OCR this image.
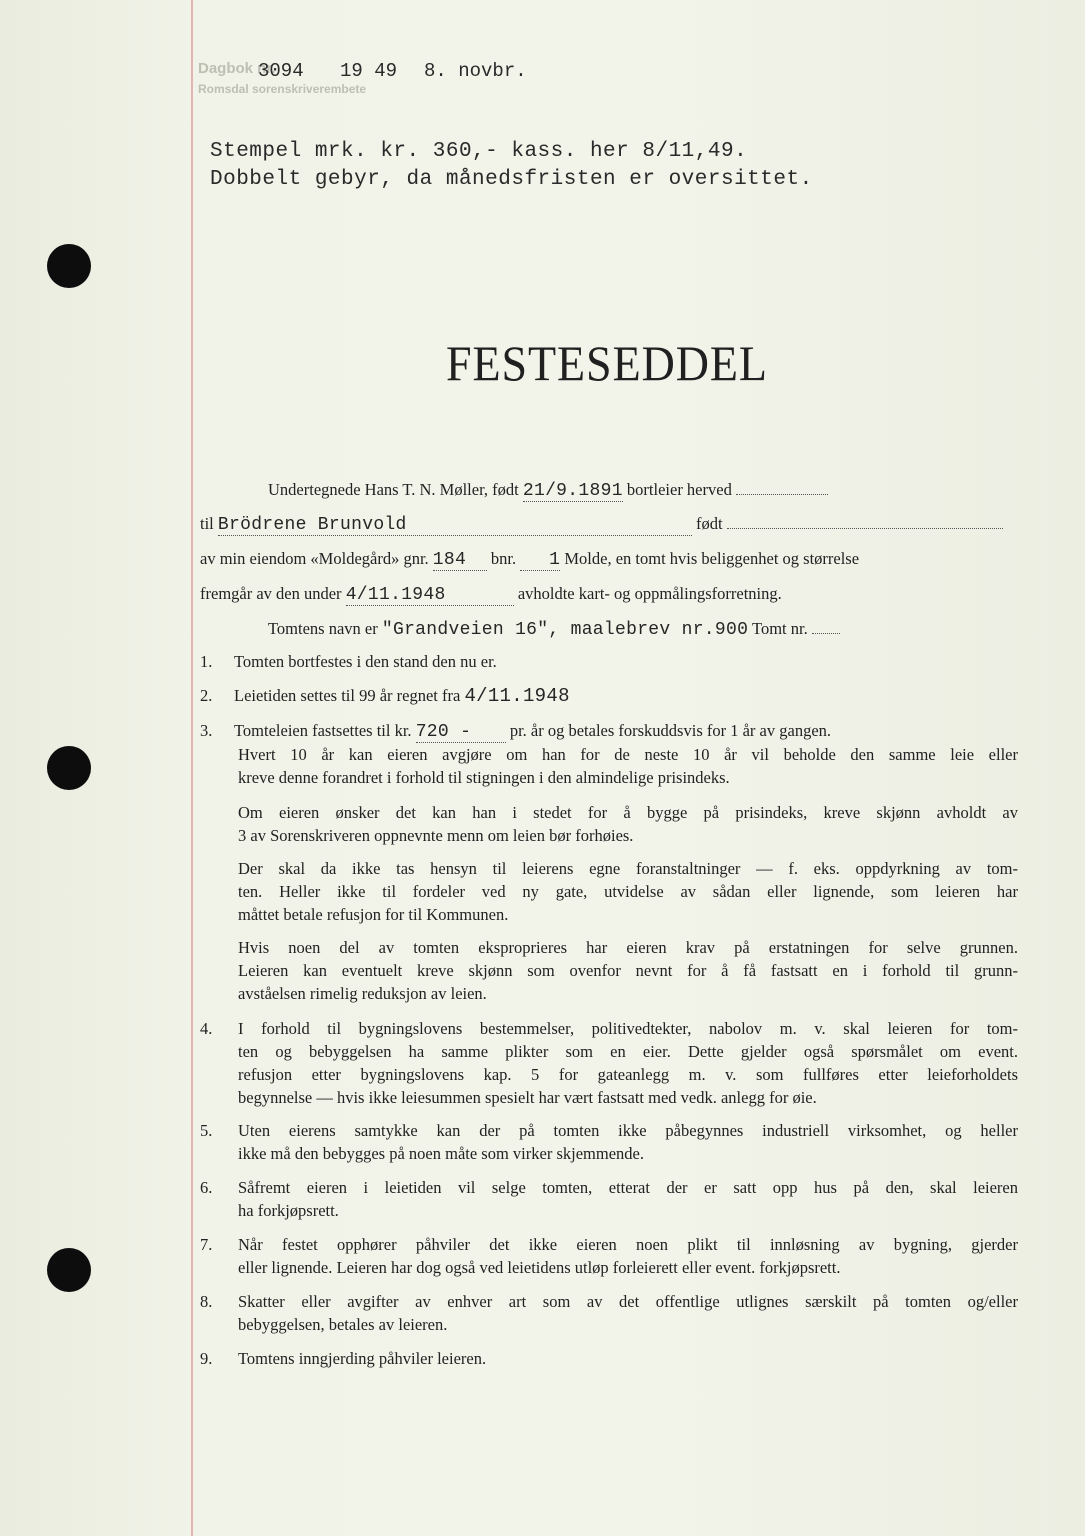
Dagbok nr.
Romsdal sorenskriverembete
3094 19 49 8. novbr.
Stempel mrk. kr. 360,- kass. her 8/11,49.
Dobbelt gebyr, da månedsfristen er oversittet.
FESTESEDDEL
Undertegnede Hans T. N. Møller, født 21/9.1891 bortleier herved
til Brödrene Brunvold	født
av min eiendom «Moldegård» gnr. 184 bnr. 1 Molde, en tomt hvis beliggenhet og størrelse
fremgår av den under 4/11.1948	avholdte kart- og oppmålingsforretning.
Tomtens navn er "Grandveien 16", maalebrev nr.900 Tomt nr.
1. Tomten bortfestes i den stand den nu er.
2. Leietiden settes til 99 år regnet fra 4/11.1948
3. Tomteleien fastsettes til kr. 720 - pr. år og betales forskuddsvis for 1 år av gangen.
Hvert 10 år kan eieren avgjøre om han for de neste 10 år vil beholde den samme leie eller
kreve denne forandret i forhold til stigningen i den almindelige prisindeks.
Om eieren ønsker det kan han i stedet for å bygge på prisindeks, kreve skjønn avholdt av
3 av Sorenskriveren oppnevnte menn om leien bør forhøies.
Der skal da ikke tas hensyn til leierens egne foranstaltninger — f. eks. oppdyrkning av tom-
ten. Heller ikke til fordeler ved ny gate, utvidelse av sådan eller lignende, som leieren har
måttet betale refusjon for til Kommunen.
Hvis noen del av tomten eksproprieres har eieren krav på erstatningen for selve grunnen.
Leieren kan eventuelt kreve skjønn som ovenfor nevnt for å få fastsatt en i forhold til grunn-
avståelsen rimelig reduksjon av leien.
4.	I forhold til bygningslovens bestemmelser, politivedtekter, nabolov m. v. skal leieren for tom-
ten og bebyggelsen ha samme plikter som en eier. Dette gjelder også spørsmålet om event.
refusjon etter bygningslovens kap. 5 for gateanlegg m. v. som fullføres etter leieforholdets
begynnelse — hvis ikke leiesummen spesielt har vært fastsatt med vedk. anlegg for øie.
5.	Uten eierens samtykke kan der på tomten ikke påbegynnes industriell virksomhet, og heller
ikke må den bebygges på noen måte som virker skjemmende.
6.	Såfremt eieren i leietiden vil selge tomten, etterat der er satt opp hus på den, skal leieren
ha forkjøpsrett.
7.	Når festet opphører påhviler det ikke eieren noen plikt til innløsning av bygning, gjerder
eller lignende. Leieren har dog også ved leietidens utløp forleierett eller event. forkjøpsrett.
8.	Skatter eller avgifter av enhver art som av det offentlige utlignes særskilt på tomten og/eller
bebyggelsen, betales av leieren.
9.	Tomtens inngjerding påhviler leieren.
